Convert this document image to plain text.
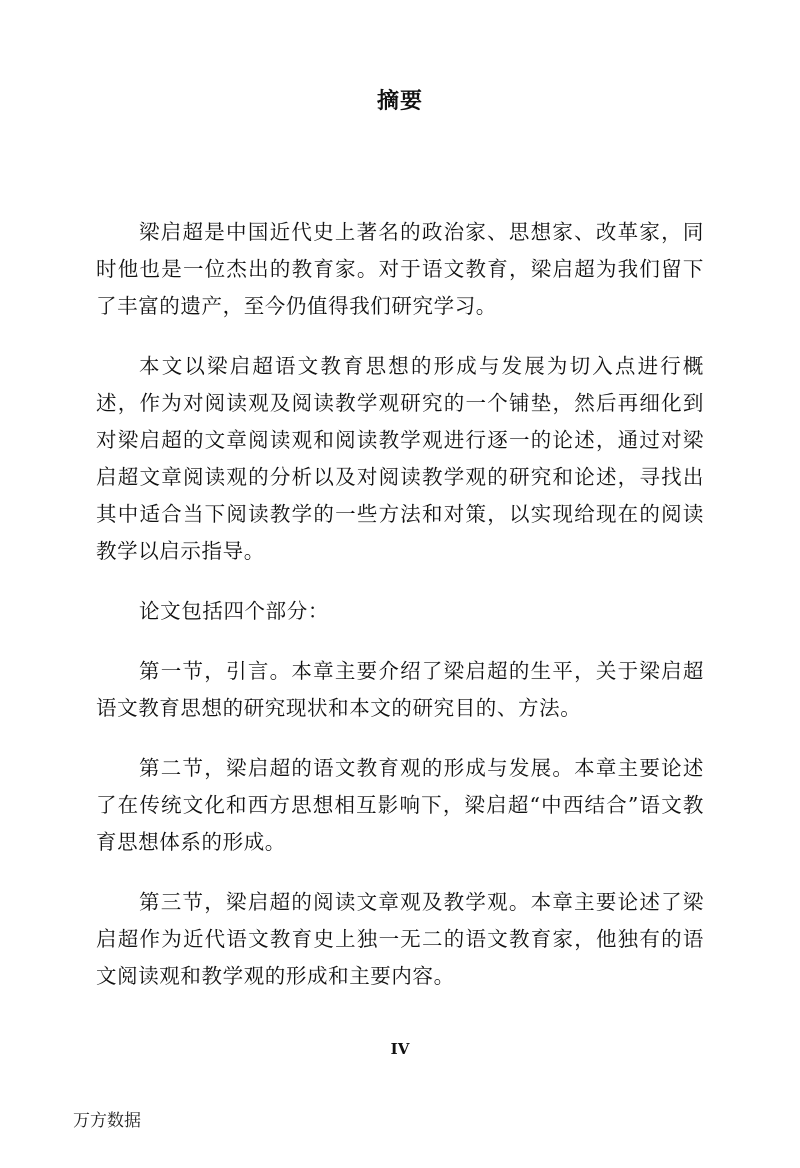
摘要

梁启超是中国近代史上著名的政治家、思想家、改革家，同时他也是一位杰出的教育家。对于语文教育，梁启超为我们留下了丰富的遗产，至今仍值得我们研究学习。

本文以梁启超语文教育思想的形成与发展为切入点进行概述，作为对阅读观及阅读教学观研究的一个铺垫，然后再细化到对梁启超的文章阅读观和阅读教学观进行逐一的论述，通过对梁启超文章阅读观的分析以及对阅读教学观的研究和论述，寻找出其中适合当下阅读教学的一些方法和对策，以实现给现在的阅读教学以启示指导。

论文包括四个部分：

第一节，引言。本章主要介绍了梁启超的生平，关于梁启超语文教育思想的研究现状和本文的研究目的、方法。

第二节，梁启超的语文教育观的形成与发展。本章主要论述了在传统文化和西方思想相互影响下，梁启超“中西结合”语文教育思想体系的形成。

第三节，梁启超的阅读文章观及教学观。本章主要论述了梁启超作为近代语文教育史上独一无二的语文教育家，他独有的语文阅读观和教学观的形成和主要内容。

IV
万方数据
